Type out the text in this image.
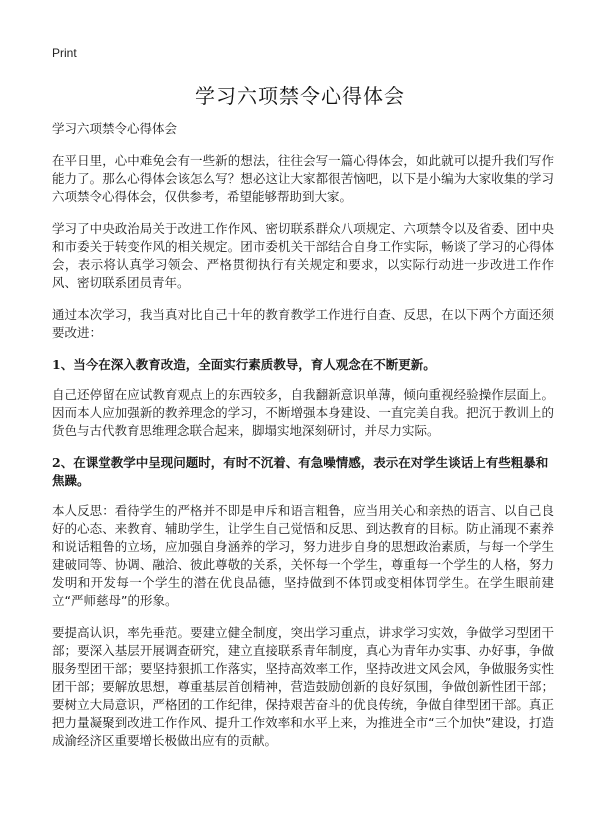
Print
学习六项禁令心得体会

学习六项禁令心得体会

在平日里，心中难免会有一些新的想法，往往会写一篇心得体会，如此就可以提升我们写作能力了。那么心得体会该怎么写？想必这让大家都很苦恼吧，以下是小编为大家收集的学习六项禁令心得体会，仅供参考，希望能够帮助到大家。

学习了中央政治局关于改进工作作风、密切联系群众八项规定、六项禁令以及省委、团中央和市委关于转变作风的相关规定。团市委机关干部结合自身工作实际，畅谈了学习的心得体会，表示将认真学习领会、严格贯彻执行有关规定和要求，以实际行动进一步改进工作作风、密切联系团员青年。

通过本次学习，我当真对比自己十年的教育教学工作进行自查、反思，在以下两个方面还须要改进：

1、当今在深入教育改造，全面实行素质教导，育人观念在不断更新。

自己还停留在应试教育观点上的东西较多，自我翻新意识单薄，倾向重视经验操作层面上。因而本人应加强新的教养理念的学习，不断增强本身建设、一直完美自我。把沉于教训上的货色与古代教育思维理念联合起来，脚塌实地深刻研讨，并尽力实际。

2、在课堂教学中呈现问题时，有时不沉着、有急噪情感，表示在对学生谈话上有些粗暴和焦躁。

本人反思：看待学生的严格并不即是申斥和语言粗鲁，应当用关心和亲热的语言、以自己良好的心态、来教育、辅助学生，让学生自己觉悟和反思、到达教育的目标。防止涌现不素养和说话粗鲁的立场，应加强自身涵养的学习，努力进步自身的思想政治素质，与每一个学生建破同等、协调、融洽、彼此尊敬的关系，关怀每一个学生，尊重每一个学生的人格，努力发明和开发每一个学生的潜在优良品德，坚持做到不体罚或变相体罚学生。在学生眼前建立“严师慈母”的形象。

要提高认识，率先垂范。要建立健全制度，突出学习重点，讲求学习实效，争做学习型团干部；要深入基层开展调查研究，建立直接联系青年制度，真心为青年办实事、办好事，争做服务型团干部；要坚持狠抓工作落实，坚持高效率工作，坚持改进文风会风，争做服务实性团干部；要解放思想，尊重基层首创精神，营造鼓励创新的良好氛围，争做创新性团干部；要树立大局意识，严格团的工作纪律，保持艰苦奋斗的优良传统，争做自律型团干部。真正把力量凝聚到改进工作作风、提升工作效率和水平上来，为推进全市“三个加快”建设，打造成渝经济区重要增长极做出应有的贡献。
